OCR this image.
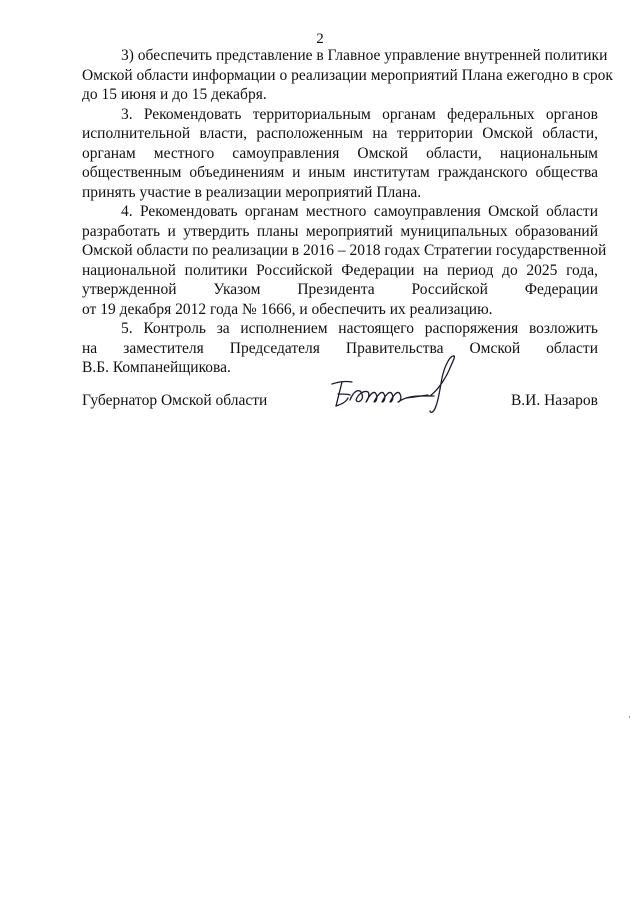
2
3) обеспечить представление в Главное управление внутренней политики
Омской области информации о реализации мероприятий Плана ежегодно в срок
до 15 июня и до 15 декабря.
3. Рекомендовать территориальным органам федеральных органов
исполнительной власти, расположенным на территории Омской области,
органам местного самоуправления Омской области, национальным
общественным объединениям и иным институтам гражданского общества
принять участие в реализации мероприятий Плана.
4. Рекомендовать органам местного самоуправления Омской области
разработать и утвердить планы мероприятий муниципальных образований
Омской области по реализации в 2016 – 2018 годах Стратегии государственной
национальной политики Российской Федерации на период до 2025 года,
утвержденной Указом Президента Российской Федерации
от 19 декабря 2012 года № 1666, и обеспечить их реализацию.
5. Контроль за исполнением настоящего распоряжения возложить
на заместителя Председателя Правительства Омской области
В.Б. Компанейщикова.
Губернатор Омской области	В.И. Назаров
